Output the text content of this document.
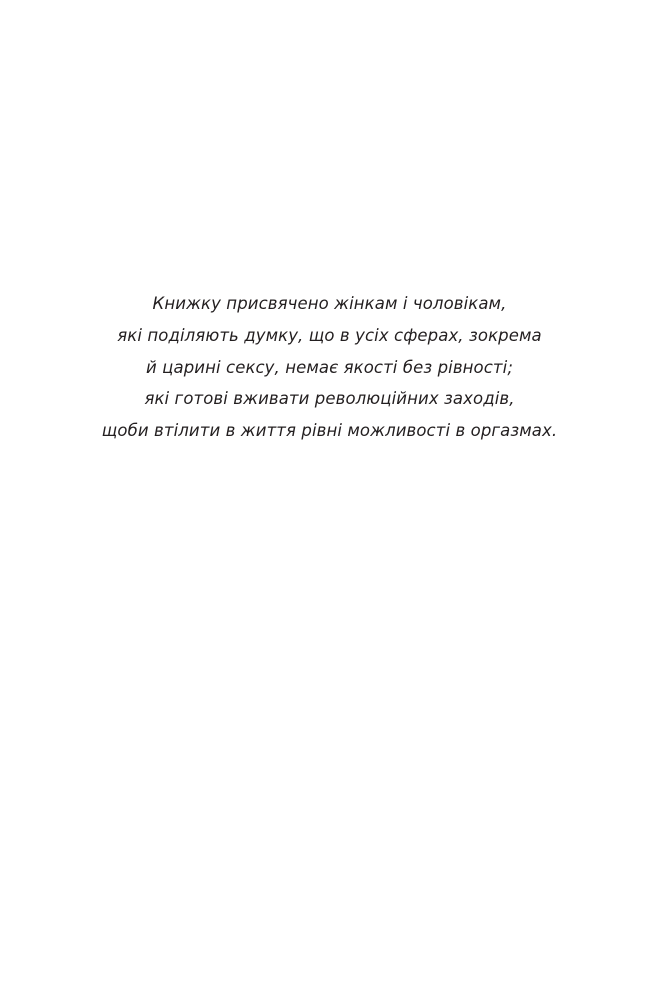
Книжку присвячено жінкам і чоловікам,
які поділяють думку, що в усіх сферах, зокрема
й царині сексу, немає якості без рівності;
які готові вживати революційних заходів,
щоби втілити в життя рівні можливості в оргазмах.
